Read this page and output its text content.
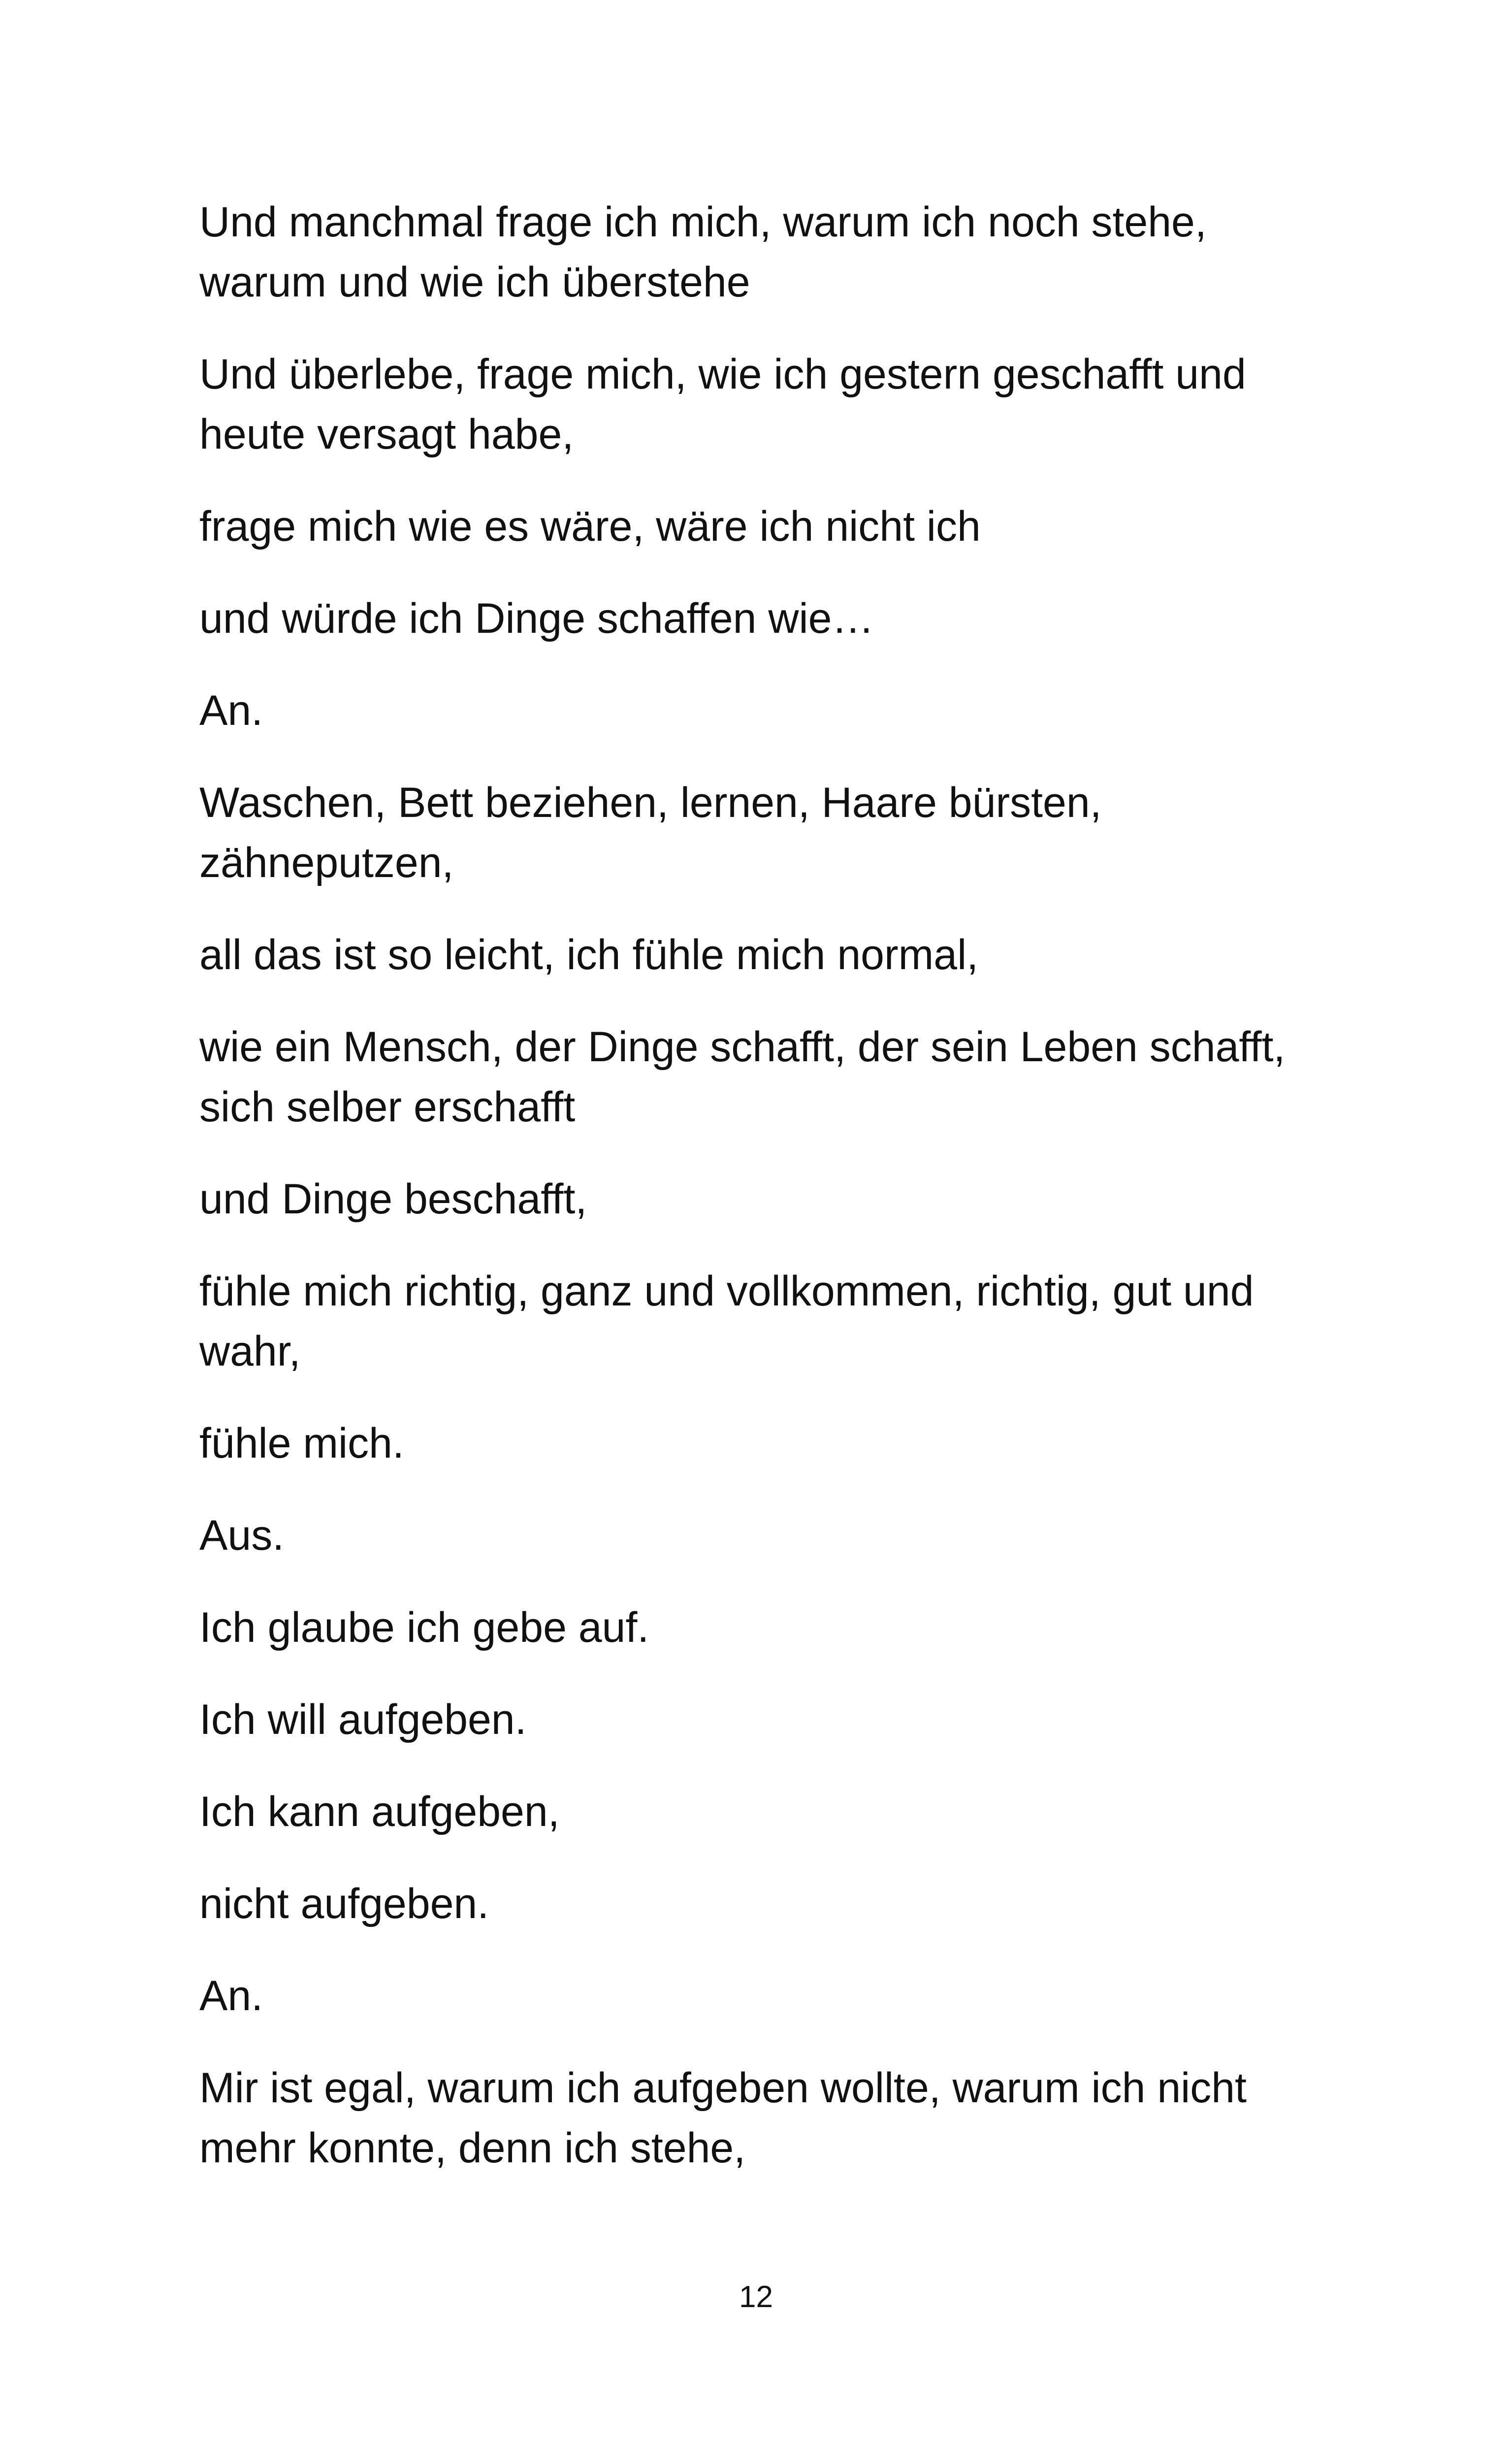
Und manchmal frage ich mich, warum ich noch stehe,
warum und wie ich überstehe

Und überlebe, frage mich, wie ich gestern geschafft und
heute versagt habe,

frage mich wie es wäre, wäre ich nicht ich

und würde ich Dinge schaffen wie…

An.

Waschen, Bett beziehen, lernen, Haare bürsten,
zähneputzen,

all das ist so leicht, ich fühle mich normal,

wie ein Mensch, der Dinge schafft, der sein Leben schafft,
sich selber erschafft

und Dinge beschafft,

fühle mich richtig, ganz und vollkommen, richtig, gut und
wahr,

fühle mich.

Aus.

Ich glaube ich gebe auf.

Ich will aufgeben.

Ich kann aufgeben,

nicht aufgeben.

An.

Mir ist egal, warum ich aufgeben wollte, warum ich nicht
mehr konnte, denn ich stehe,

12
